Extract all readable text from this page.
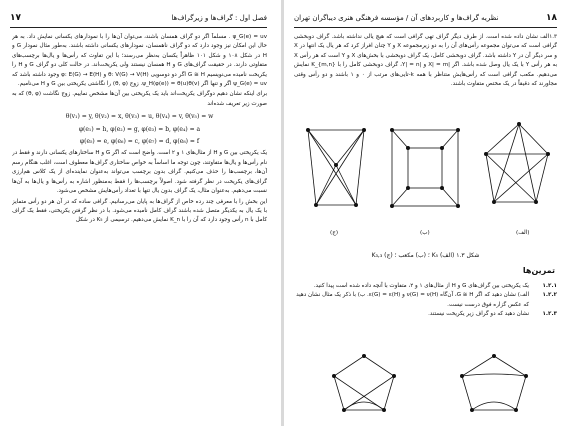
۱۷	فصل اول : گراف‌ها و زیرگراف‌ها

ψ_G(e) = uv . مسلماً اگر دو گراف همسان باشند، می‌توان آن‌ها را با نمودارهای یکسانی نمایش داد. به هر حال این امکان نیز وجود دارد که دو گراف ناهمسان، نمودارهای یکسانی داشته باشند. به‌طور مثال نمودار G و H در شکل ۱۰۸ و شکل ۱۰۱ ظاهراً یکسان به‌نظر می‌رسند؛ با این تفاوت که رأس‌ها و یال‌ها برچسب‌های متفاوتی دارند. در حقیقت گراف‌های G و H همسان نیستند ولی یکریخت‌اند. در حالت کلی دو گراف G و H را یکریخت نامیده می‌نویسیم G ≅ H اگر دو دوسویی θ: V(G) → V(H) و φ: E(G) → E(H) وجود داشته باشد که ψ_G(e) = uv اگر و تنها اگر ψ_H(φ(e)) = θ(u)θ(v). زوج (θ, φ) را نگاشتی یکریختی بین G و H می‌نامیم.

برای اینکه نشان دهیم دوگراف یکریخت‌اند باید یک یکریختی بین آن‌ها مشخص نماییم. زوج نگاشت (θ, φ) که به صورت زیر تعریف شده‌اند

θ(v₁) = y, θ(v₂) = x, θ(v₃) = u, θ(v₄) = v, θ(v₅) = w
φ(e₁) = h, φ(e₂) = g, φ(e₃) = b, φ(e₄) = a
φ(e₅) = e, φ(e₆) = c, φ(e₇) = d, φ(e₈) = f

یک یکریختی بین G و H از مثال‌های ۱ و ۲ است. واضح است که اگر G و H ساختارهای یکسانی دارند و فقط در نام رأس‌ها و یال‌ها متفاوتند، چون توجه ما اساساً به خواص ساختاری گراف‌ها معطوف است، اغلب هنگام رسم آن‌ها، برچسب‌ها را حذف می‌کنیم. گراف بدون برچسب می‌تواند به‌عنوان نماینده‌ای از یک کلاس هم‌ارزی گراف‌های یکریخت در نظر گرفته شود. اصولاً برچسب‌ها را فقط به‌منظور اشاره به رأس‌ها و یال‌ها به آن‌ها نسبت می‌دهیم. به‌عنوان مثال، یک گراف بدون یال تنها با تعداد رأس‌هایش مشخص می‌شود.

این بخش را با معرفی چند رده خاص از گراف‌ها به پایان می‌رسانیم. گرافی ساده که در آن هر دو رأس متمایز با یک یال به یکدیگر متصل شده باشند گراف کامل نامیده می‌شود. با در نظر گرفتن یکریختی، فقط یک گراف کامل با n رأس وجود دارد که آن را با K_n نمایش می‌دهیم. ترسیمی از K₅ در شکل

۱۸
نظریه گراف‌ها و کاربردهای آن / مؤسسه فرهنگی هنری دیباگران تهران

۱.۳الف نشان داده شده است. از طرف دیگر گراف تهی گرافی است که هیچ یالی نداشته باشد. گراف دوبخشی گرافی است که می‌توان مجموعه رأس‌های آن را به دو زیرمجموعه X و Y چنان افراز کرد که هر یال یک انتها در X و سر دیگر آن در Y داشته باشد. گراف دوبخشی کامل، یک گراف دوبخشی با بخش‌های X و Y است که هر رأس X به هر رأس Y با یک یال وصل شده باشد. اگر |X| = m و |Y| = n، گراف دوبخشی کامل را با K_{m,n} نمایش می‌دهیم. مکعب گرافی است که رأس‌هایش متناظر با همه k-تایی‌های مرتب از ۰ و ۱ باشند و دو رأس وقتی مجاورند که دقیقاً در یک مختص متفاوت باشند.

(الف)
(ب)
(ج)
شکل ۱.۳ (الف) K₅ ؛ (ب) مکعب ؛ (ج) K₃,₃
تمرین‌ها
۱.۲.۱
یک یکریختی بین گراف‌های G و H از مثال‌های ۱ و ۲، متفاوت با آنچه داده شده است پیدا کنید.
۱.۲.۲
الف) نشان دهید که اگر G ≅ H، آن‌گاه ν(G) = ν(H) و ε(G) = ε(H). ب) با ذکر یک مثال نشان دهید که عکس گزاره فوق درست نیست.
۱.۲.۳
نشان دهید که دو گراف زیر یکریخت نیستند.
